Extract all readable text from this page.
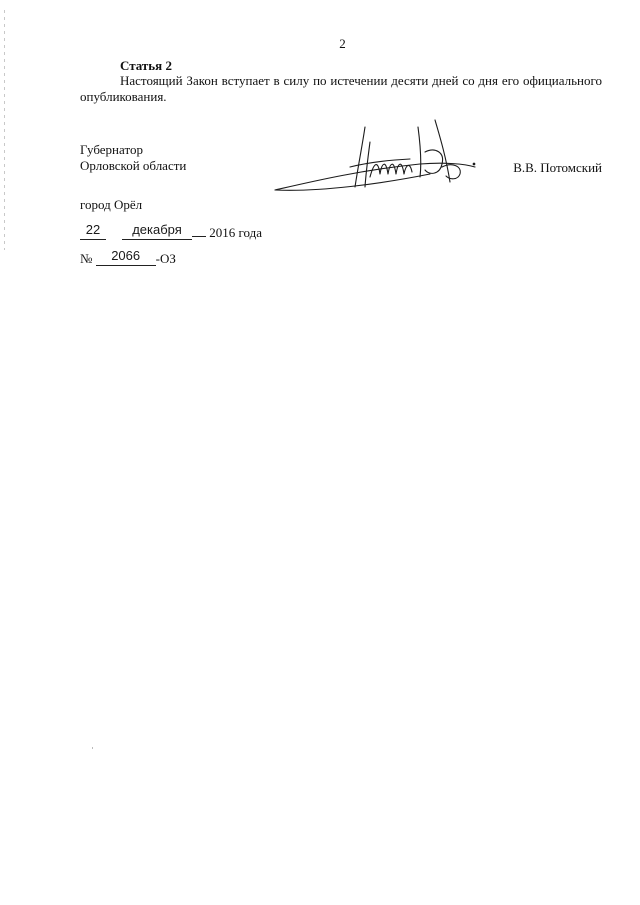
2
Статья 2
Настоящий Закон вступает в силу по истечении десяти дней со дня его официального опубликования.
Губернатор
Орловской области	В.В. Потомский
город Орёл
22 декабря 2016 года
№ 2066 -ОЗ
